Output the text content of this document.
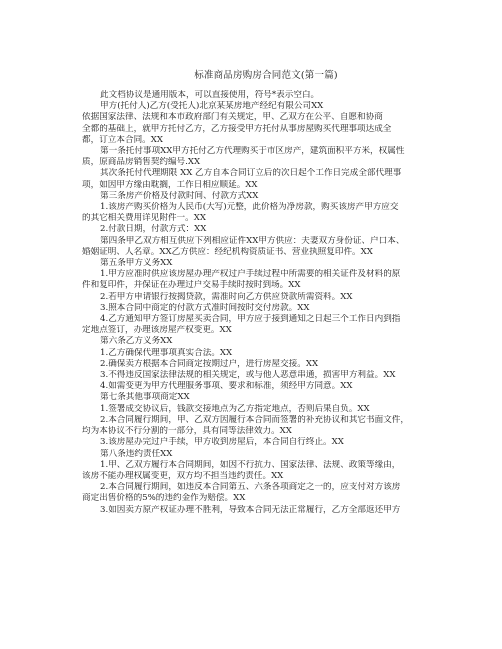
标准商品房购房合同范文(第一篇)
此文档协议是通用版本，可以直接使用，符号*表示空白。
甲方(托付人)乙方(受托人)北京某某房地产经纪有限公司XX
依据国家法律、法规和本市政府部门有关规定，甲、乙双方在公平、自愿和协商
全都的基础上，就甲方托付乙方，乙方接受甲方托付从事房屋购买代理事项达成全
都，订立本合同。XX
第一条托付事项XX甲方托付乙方代理购买于市区房产，建筑面积平方米，权属性
质，原商品房销售契约编号.XX
其次条托付代理期限 XX 乙方自本合同订立后的次日起个工作日完成全部代理事
项，如因甲方缘由耽搁，工作日相应顺延。XX
第三条房产价格及付款时间、付款方式XX
1.该房产购买价格为人民币(大写)元整，此价格为净房款，购买该房产甲方应交
的其它相关费用详见附件一。XX
2.付款日期，付款方式：XX
第四条甲乙双方相互供应下列相应证件XX甲方供应：夫妻双方身份证、户口本、
婚姻证明、人名章。XX乙方供应：经纪机构资质证书、营业执照复印件。XX
第五条甲方义务XX
1.甲方应准时供应该房屋办理产权过户手续过程中所需要的相关证件及材料的原
件和复印件，并保证在办理过户交易手续时按时到场。XX
2.若甲方申请银行按揭贷款，需准时向乙方供应贷款所需资料。XX
3.照本合同中商定的付款方式准时间按时交付房款。XX
4.乙方通知甲方签订房屋买卖合同，甲方应于接到通知之日起三个工作日内到指
定地点签订，办理该房屋产权变更。XX
第六条乙方义务XX
1.乙方确保代理事项真实合法。XX
2.确保卖方根据本合同商定按期过户，进行房屋交接。XX
3.不得违反国家法律法规的相关规定，或与他人恶意串通，损害甲方利益。XX
4.如需变更为甲方代理服务事项、要求和标准，须经甲方同意。XX
第七条其他事项商定XX
1.签署成交协议后，钱款交接地点为乙方指定地点，否则后果自负。XX
2.本合同履行期间，甲、乙双方因履行本合同而签署的补充协议和其它书面文件，
均为本协议不行分割的一部分，具有同等法律效力。XX
3.该房屋办完过户手续，甲方收到房屋后，本合同自行终止。XX
第八条违约责任XX
1.甲、乙双方履行本合同期间，如因不行抗力、国家法律、法规、政策等缘由，
该房不能办理权属变更，双方均不担当违约责任。XX
2.本合同履行期间，如违反本合同第五、六条各项商定之一的，应支付对方该房
商定出售价格的5%的违约金作为赔偿。XX
3.如因卖方原产权证办理不胜利，导致本合同无法正常履行，乙方全部返还甲方
